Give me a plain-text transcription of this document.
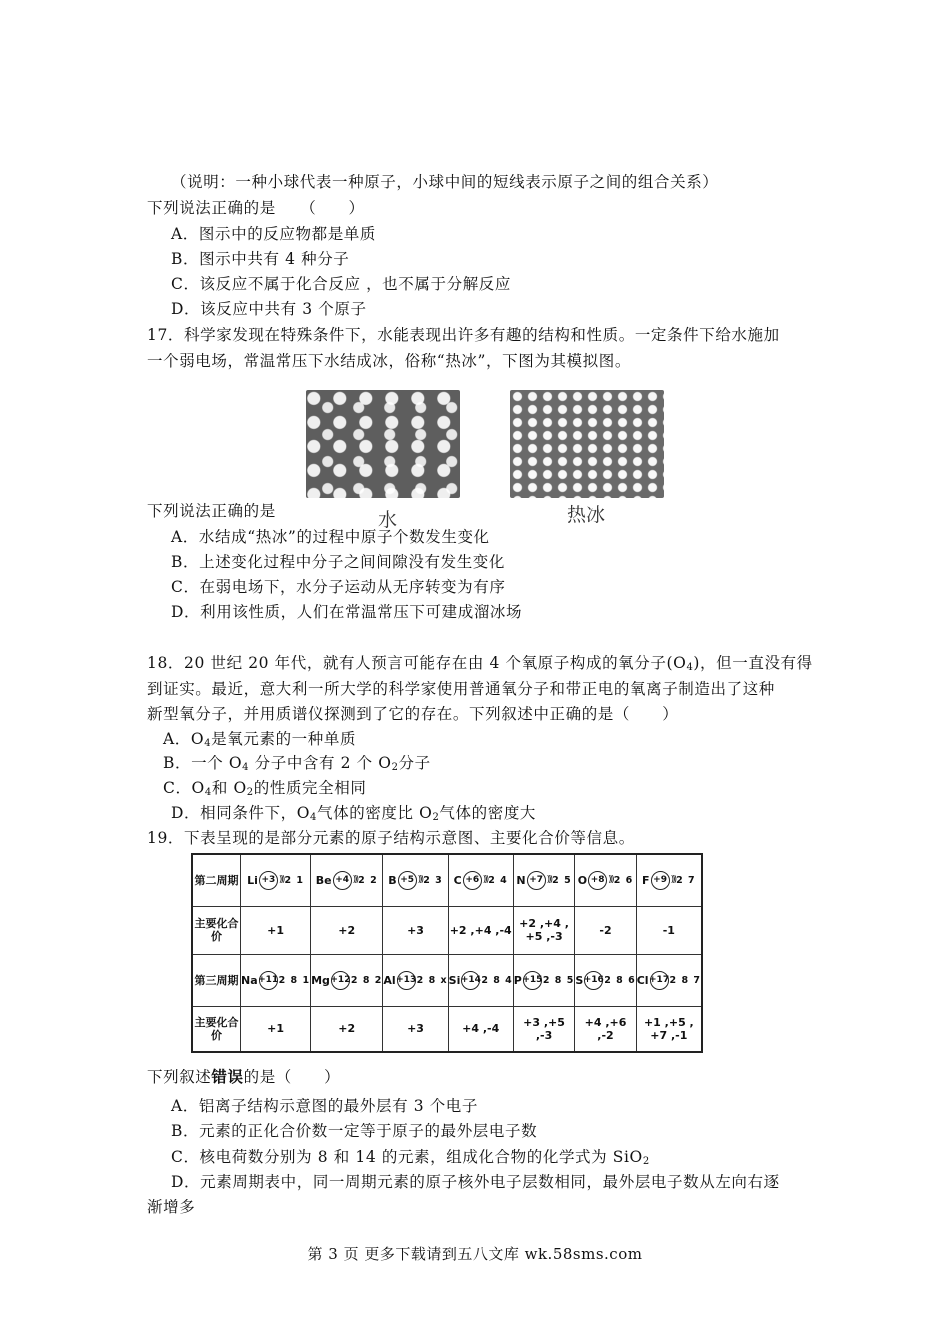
（说明：一种小球代表一种原子，小球中间的短线表示原子之间的组合关系）
下列说法正确的是　　（　　）
A．图示中的反应物都是单质
B．图示中共有 4 种分子
C．该反应不属于化合反应 ，也不属于分解反应
D．该反应中共有 3 个原子
17．科学家发现在特殊条件下，水能表现出许多有趣的结构和性质。一定条件下给水施加
一个弱电场，常温常压下水结成冰，俗称“热冰”，下图为其模拟图。
水	热冰
下列说法正确的是
A．水结成“热冰”的过程中原子个数发生变化
B．上述变化过程中分子之间间隙没有发生变化
C．在弱电场下，水分子运动从无序转变为有序
D．利用该性质，人们在常温常压下可建成溜冰场
18．20 世纪 20 年代，就有人预言可能存在由 4 个氧原子构成的氧分子$(O_4)$，但一直没有得
到证实。最近，意大利一所大学的科学家使用普通氧分子和带正电的氧离子制造出了这种
新型氧分子，并用质谱仪探测到了它的存在。下列叙述中正确的是（　　）
A．$O_4$是氧元素的一种单质
B．一个 $O_4$ 分子中含有 2 个 $O_2$分子
C．$O_4$和 $O_2$的性质完全相同
D．相同条件下，$O_4$气体的密度比 $O_2$气体的密度大
19．下表呈现的是部分元素的原子结构示意图、主要化合价等信息。
第二周期	Li +3 ))) 2 1	Be +4 ))) 2 2	B +5 ))) 2 3	C +6 ))) 2 4	N +7 ))) 2 5	O +8 ))) 2 6	F +9 ))) 2 7

主要化合价	+1	+2	+3	+2 ,+4 ,-4	+2 ,+4 ,
+5 ,-3	-2	-1
第三周期	Na +11 2 8 1	Mg +12 2 8 2	Al +13 2 8 x	Si +14 2 8 4	P +15 2 8 5	S +16 2 8 6	Cl +17 2 8 7

主要化合价	+1	+2	+3	+4 ,-4	+3 ,+5 ,-3	+4 ,+6 ,-2	+1 ,+5 ,
+7 ,-1
下列叙述错误的是（　　）
A．铝离子结构示意图的最外层有 3 个电子
B．元素的正化合价数一定等于原子的最外层电子数
C．核电荷数分别为 8 和 14 的元素，组成化合物的化学式为 SiO$_2$
D．元素周期表中，同一周期元素的原子核外电子层数相同，最外层电子数从左向右逐
渐增多
第 3 页 更多下载请到五八文库 wk.58sms.com
